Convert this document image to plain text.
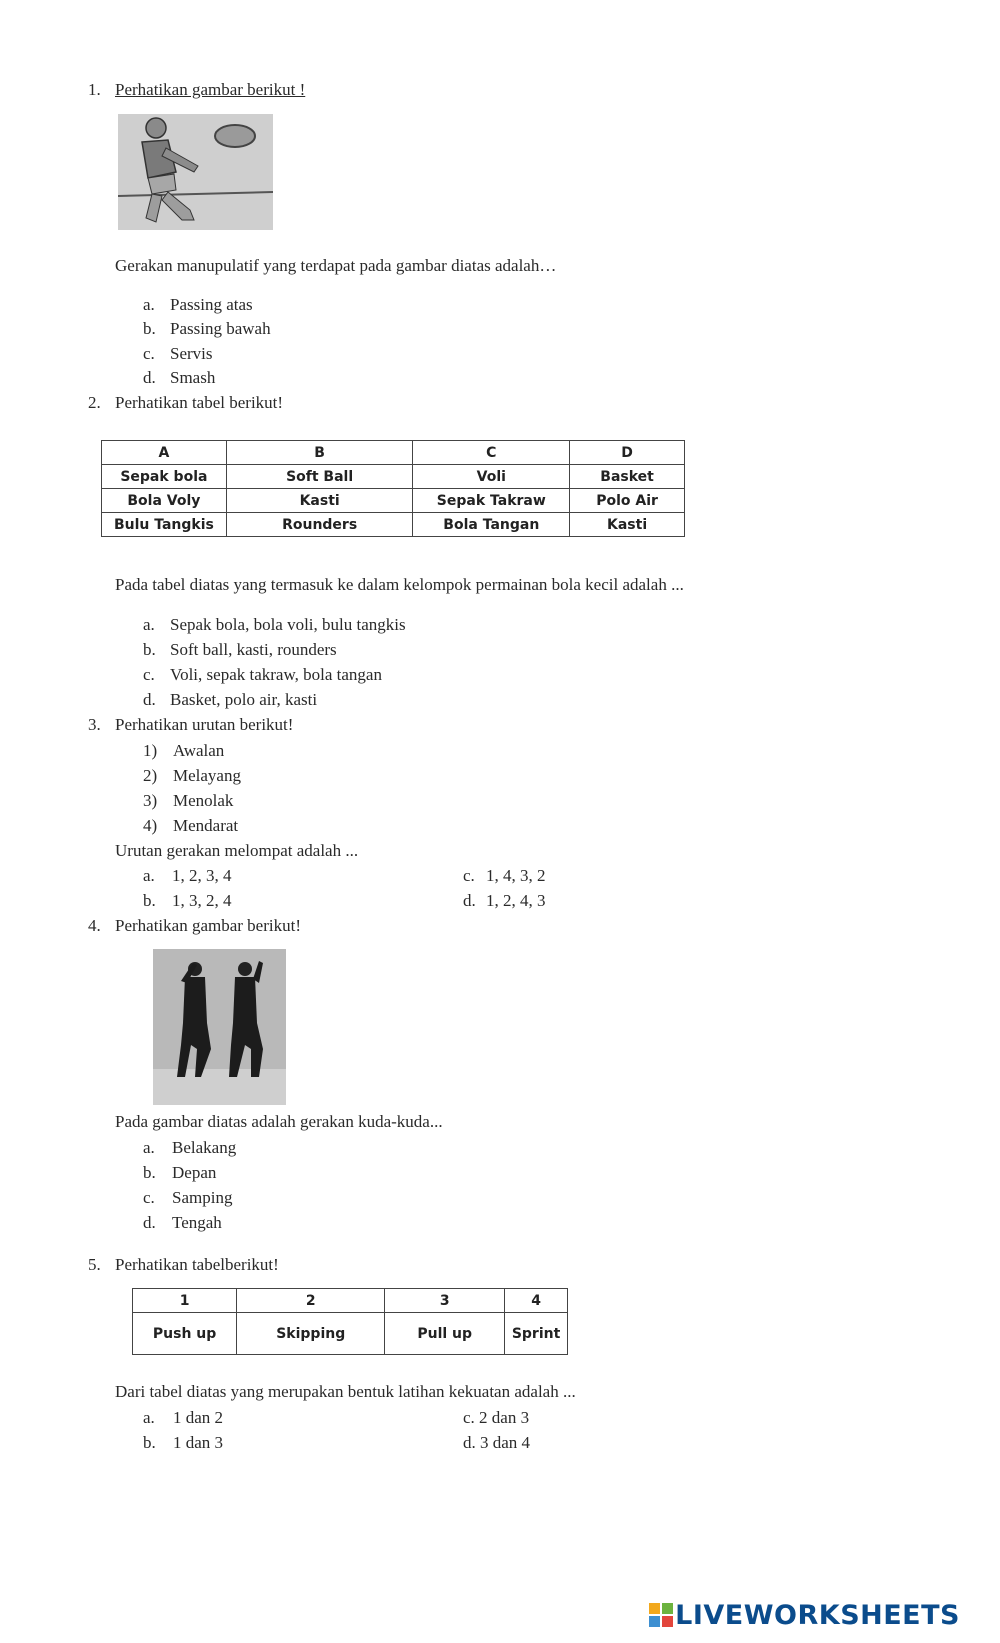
1. Perhatikan gambar berikut !
Gerakan manupulatif yang terdapat pada gambar diatas adalah…
a. Passing atas
b. Passing bawah
c. Servis
d. Smash
2. Perhatikan tabel berikut!
A	B	C	D
Sepak bola	Soft Ball	Voli	Basket
Bola Voly	Kasti	Sepak Takraw	Polo Air
Bulu Tangkis	Rounders	Bola Tangan	Kasti
Pada tabel diatas yang termasuk ke dalam kelompok permainan bola kecil adalah ...
a. Sepak bola, bola voli, bulu tangkis
b. Soft ball, kasti, rounders
c. Voli, sepak takraw, bola tangan
d. Basket, polo air, kasti
3. Perhatikan urutan berikut!
1) Awalan
2) Melayang
3) Menolak
4) Mendarat
Urutan gerakan melompat adalah ...
a. 1, 2, 3, 4
b. 1, 3, 2, 4
c. 1, 4, 3, 2
d. 1, 2, 4, 3
4. Perhatikan gambar berikut!
Pada gambar diatas adalah gerakan kuda-kuda...
a. Belakang
b. Depan
c. Samping
d. Tengah
5. Perhatikan tabelberikut!
1	2	3	4
Push up	Skipping	Pull up	Sprint
Dari tabel diatas yang merupakan bentuk latihan kekuatan adalah ...
a. 1 dan 2
b. 1 dan 3
c. 2 dan 3
d. 3 dan 4
LIVEWORKSHEETS
